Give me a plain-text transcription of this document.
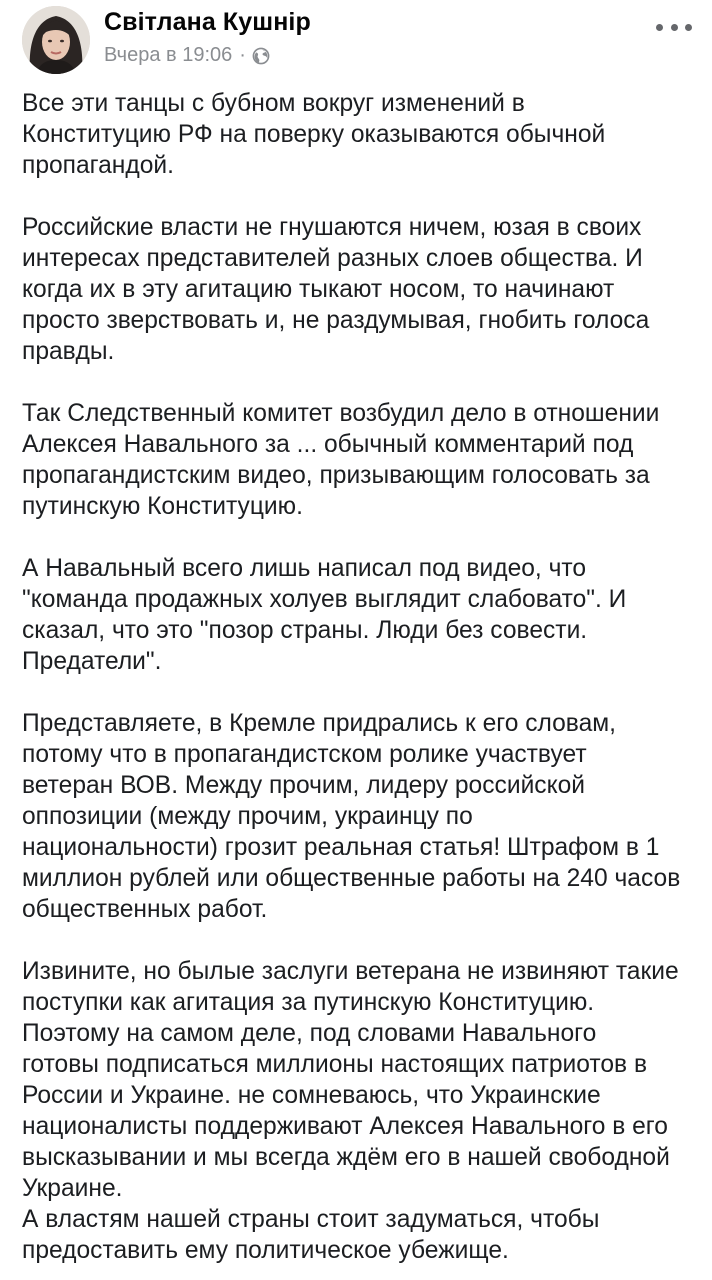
Світлана Кушнір
Вчера в 19:06 ·

Все эти танцы с бубном вокруг изменений в
Конституцию РФ на поверку оказываются обычной
пропагандой.

Российские власти не гнушаются ничем, юзая в своих
интересах представителей разных слоев общества. И
когда их в эту агитацию тыкают носом, то начинают
просто зверствовать и, не раздумывая, гнобить голоса
правды.

Так Следственный комитет возбудил дело в отношении
Алексея Навального за ... обычный комментарий под
пропагандистским видео, призывающим голосовать за
путинскую Конституцию.

А Навальный всего лишь написал под видео, что
"команда продажных холуев выглядит слабовато". И
сказал, что это "позор страны. Люди без совести.
Предатели".

Представляете, в Кремле придрались к его словам,
потому что в пропагандистском ролике участвует
ветеран ВОВ. Между прочим, лидеру российской
оппозиции (между прочим, украинцу по
национальности) грозит реальная статья! Штрафом в 1
миллион рублей или общественные работы на 240 часов
общественных работ.

Извините, но былые заслуги ветерана не извиняют такие
поступки как агитация за путинскую Конституцию.
Поэтому на самом деле, под словами Навального
готовы подписаться миллионы настоящих патриотов в
России и Украине. не сомневаюсь, что Украинские
националисты поддерживают Алексея Навального в его
высказывании и мы всегда ждём его в нашей свободной
Украине.

А властям нашей страны стоит задуматься, чтобы
предоставить ему политическое убежище.
